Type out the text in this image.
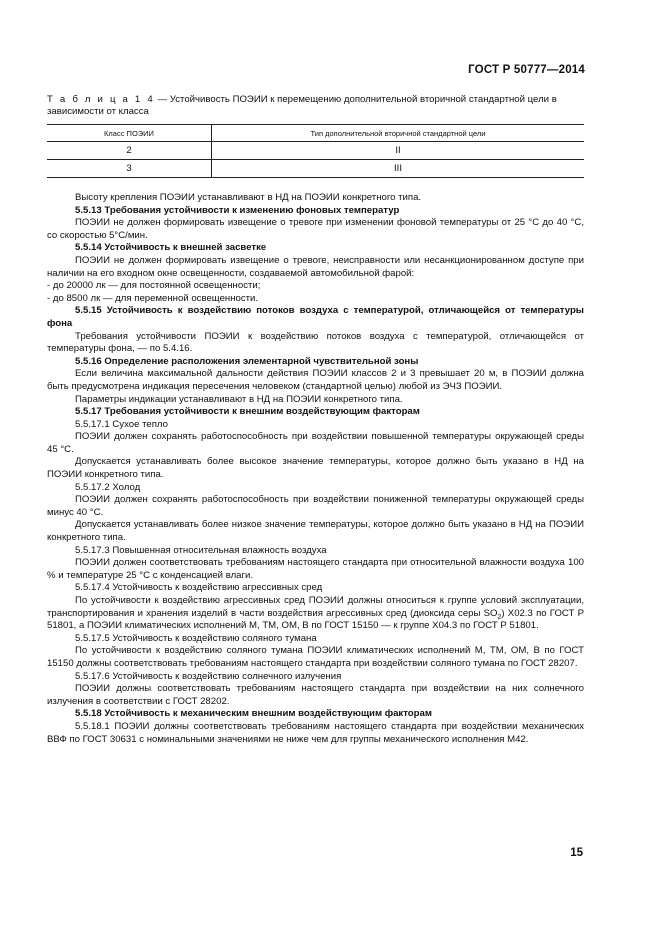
ГОСТ Р 50777—2014
Т а б л и ц а 1 4 — Устойчивость ПОЭИИ к перемещению дополнительной вторичной стандартной цели в зависимости от класса
Класс ПОЭИИ	Тип дополнительной вторичной стандартной цели
2	II
3	III

Высоту крепления ПОЭИИ устанавливают в НД на ПОЭИИ конкретного типа.

5.5.13 Требования устойчивости к изменению фоновых температур

ПОЭИИ не должен формировать извещение о тревоге при изменении фоновой температуры от 25 °С до 40 °С, со скоростью 5°С/мин.

5.5.14 Устойчивость к внешней засветке

ПОЭИИ не должен формировать извещение о тревоге, неисправности или несанкционированном доступе при наличии на его входном окне освещенности, создаваемой автомобильной фарой:

- до 20000 лк — для постоянной освещенности;

- до 8500 лк — для переменной освещенности.

5.5.15 Устойчивость к воздействию потоков воздуха с температурой, отличающейся от температуры фона

Требования устойчивости ПОЭИИ к воздействию потоков воздуха с температурой, отличающейся от температуры фона, — по 5.4.16.

5.5.16 Определение расположения элементарной чувствительной зоны

Если величина максимальной дальности действия ПОЭИИ классов 2 и 3 превышает 20 м, в ПОЭИИ должна быть предусмотрена индикация пересечения человеком (стандартной целью) любой из ЭЧЗ ПОЭИИ.

Параметры индикации устанавливают в НД на ПОЭИИ конкретного типа.

5.5.17 Требования устойчивости к внешним воздействующим факторам

5.5.17.1 Сухое тепло

ПОЭИИ должен сохранять работоспособность при воздействии повышенной температуры окружающей среды 45 °С.

Допускается устанавливать более высокое значение температуры, которое должно быть указано в НД на ПОЭИИ конкретного типа.

5.5.17.2 Холод

ПОЭИИ должен сохранять работоспособность при воздействии пониженной температуры окружающей среды минус 40 °С.

Допускается устанавливать более низкое значение температуры, которое должно быть указано в НД на ПОЭИИ конкретного типа.

5.5.17.3 Повышенная относительная влажность воздуха

ПОЭИИ должен соответствовать требованиям настоящего стандарта при относительной влажности воздуха 100 % и температуре 25 °С с конденсацией влаги.

5.5.17.4 Устойчивость к воздействию агрессивных сред

По устойчивости к воздействию агрессивных сред ПОЭИИ должны относиться к группе условий эксплуатации, транспортирования и хранения изделий в части воздействия агрессивных сред (диоксида серы $SO_2$) Х02.3 по ГОСТ Р 51801, а ПОЭИИ климатических исполнений М, ТМ, ОМ, В по ГОСТ 15150 — к группе Х04.3 по ГОСТ Р 51801.

5.5.17.5 Устойчивость к воздействию соляного тумана

По устойчивости к воздействию соляного тумана ПОЭИИ климатических исполнений М, ТМ, ОМ, В по ГОСТ 15150 должны соответствовать требованиям настоящего стандарта при воздействии соляного тумана по ГОСТ 28207.

5.5.17.6 Устойчивость к воздействию солнечного излучения

ПОЭИИ должны соответствовать требованиям настоящего стандарта при воздействии на них солнечного излучения в соответствии с ГОСТ 28202.

5.5.18 Устойчивость к механическим внешним воздействующим факторам

5.5.18.1 ПОЭИИ должны соответствовать требованиям настоящего стандарта при воздействии механических ВВФ по ГОСТ 30631 с номинальными значениями не ниже чем для группы механического исполнения М42.

15
